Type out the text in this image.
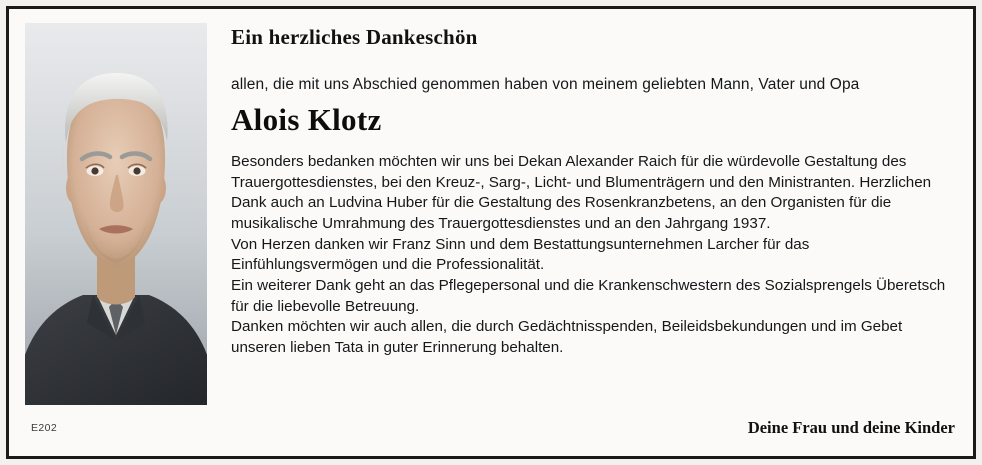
Ein herzliches Dankeschön
allen, die mit uns Abschied genommen haben von meinem geliebten Mann, Vater und Opa
Alois Klotz

Besonders bedanken möchten wir uns bei Dekan Alexander Raich für die würdevolle Gestaltung des Trauergottesdienstes, bei den Kreuz-, Sarg-, Licht- und Blumenträgern und den Ministranten. Herzlichen Dank auch an Ludvina Huber für die Gestaltung des Rosenkranzbetens, an den Organisten für die musikalische Umrahmung des Trauergottesdienstes und an den Jahrgang 1937.

Von Herzen danken wir Franz Sinn und dem Bestattungsunternehmen Larcher für das Einfühlungsvermögen und die Professionalität.

Ein weiterer Dank geht an das Pflegepersonal und die Krankenschwestern des Sozialsprengels Überetsch für die liebevolle Betreuung.

Danken möchten wir auch allen, die durch Gedächtnisspenden, Beileidsbekundungen und im Gebet unseren lieben Tata in guter Erinnerung behalten.

Deine Frau und deine Kinder
E202
